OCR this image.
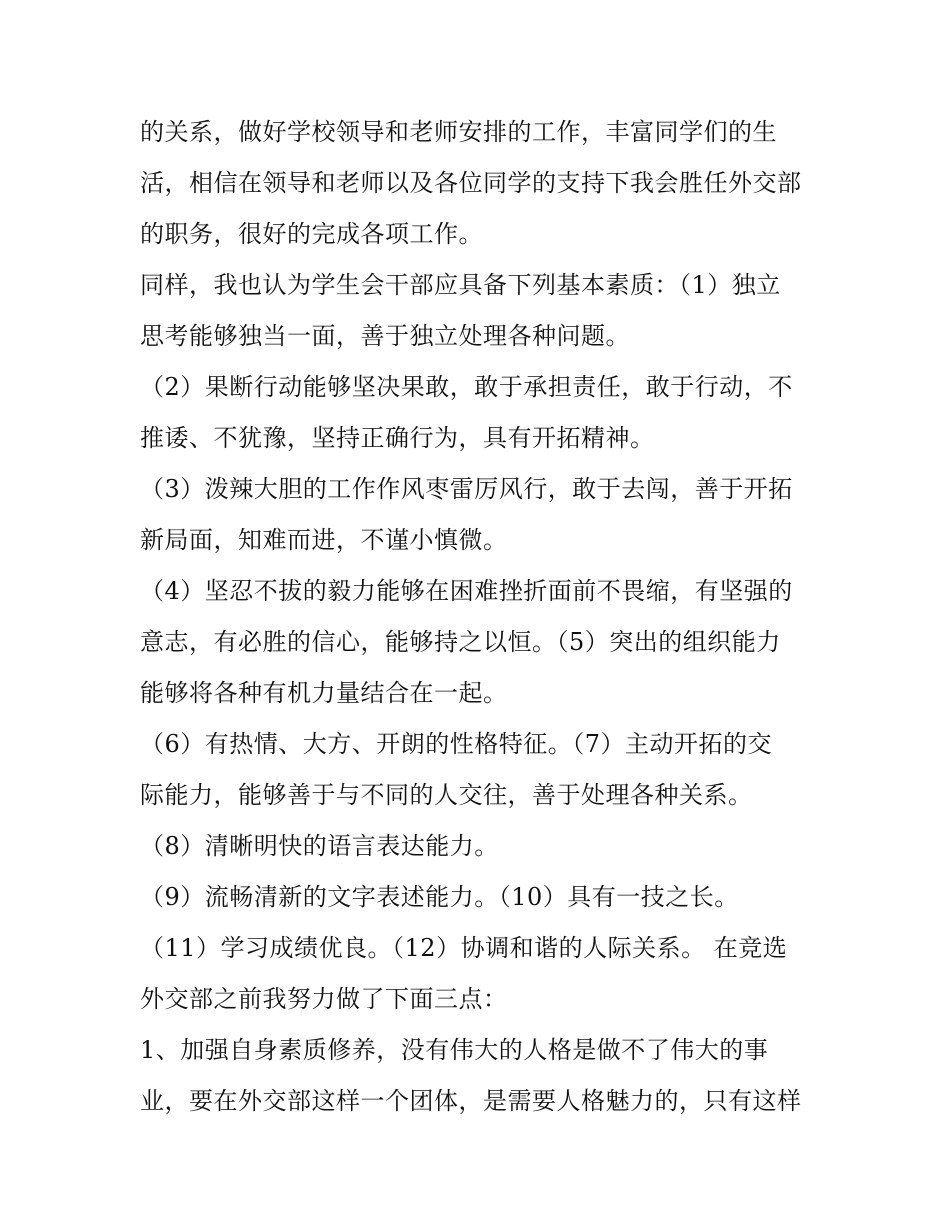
的关系，做好学校领导和老师安排的工作，丰富同学们的生
活，相信在领导和老师以及各位同学的支持下我会胜任外交部
的职务，很好的完成各项工作。
同样，我也认为学生会干部应具备下列基本素质：（1）独立
思考能够独当一面，善于独立处理各种问题。
（2）果断行动能够坚决果敢，敢于承担责任，敢于行动，不
推诿、不犹豫，坚持正确行为，具有开拓精神。
（3）泼辣大胆的工作作风枣雷厉风行，敢于去闯，善于开拓
新局面，知难而进，不谨小慎微。
（4）坚忍不拔的毅力能够在困难挫折面前不畏缩，有坚强的
意志，有必胜的信心，能够持之以恒。（5）突出的组织能力
能够将各种有机力量结合在一起。
（6）有热情、大方、开朗的性格特征。（7）主动开拓的交
际能力，能够善于与不同的人交往，善于处理各种关系。
（8）清晰明快的语言表达能力。
（9）流畅清新的文字表述能力。（10）具有一技之长。
（11）学习成绩优良。（12）协调和谐的人际关系。 在竞选
外交部之前我努力做了下面三点：
1、加强自身素质修养，没有伟大的人格是做不了伟大的事
业，要在外交部这样一个团体，是需要人格魅力的，只有这样
